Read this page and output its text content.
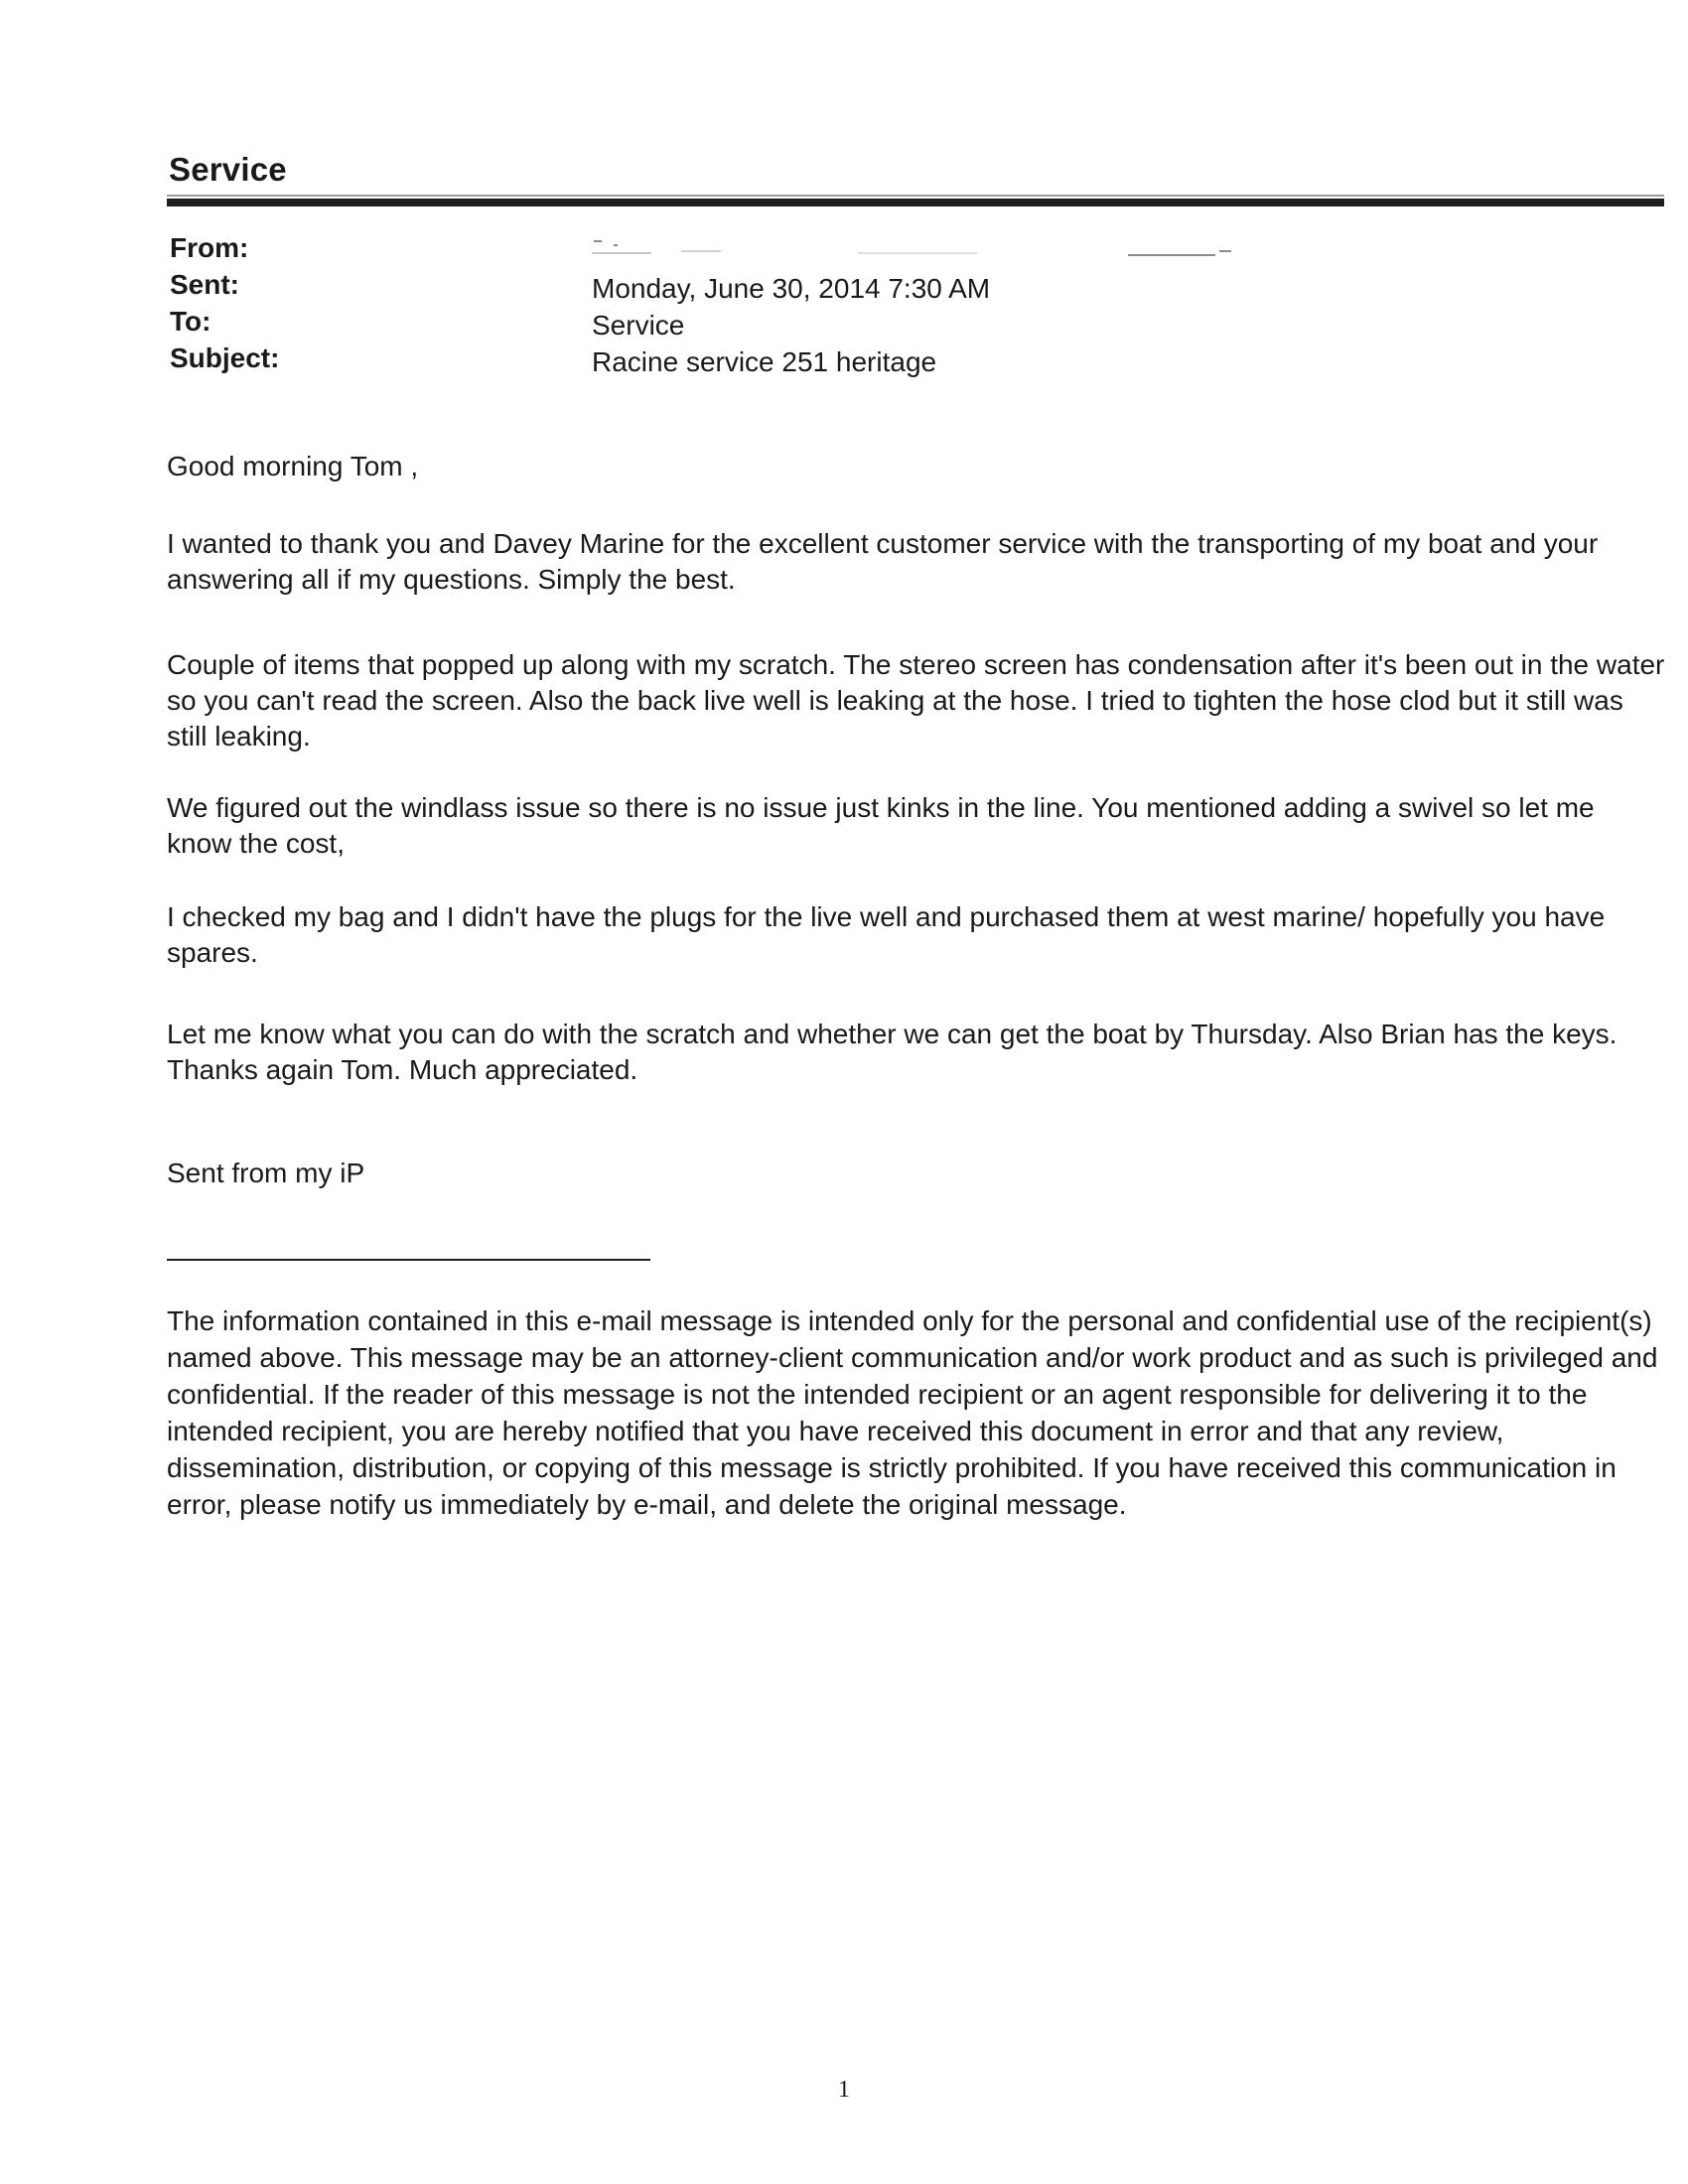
Service
From:
Sent:	Monday, June 30, 2014 7:30 AM
To:	Service
Subject:	Racine service 251 heritage
Good morning Tom ,
I wanted to thank you and Davey Marine for the excellent customer service with the transporting of my boat and your answering all if my questions. Simply the best.
Couple of items that popped up along with my scratch. The stereo screen has condensation after it's been out in the water so you can't read the screen. Also the back live well is leaking at the hose. I tried to tighten the hose clod but it still was still leaking.
We figured out the windlass issue so there is no issue just kinks in the line. You mentioned adding a swivel so let me know the cost,
I checked my bag and I didn't have the plugs for the live well and purchased them at west marine/ hopefully you have spares.
Let me know what you can do with the scratch and whether we can get the boat by Thursday. Also Brian has the keys. Thanks again Tom. Much appreciated.
Sent from my iP
The information contained in this e-mail message is intended only for the personal and confidential use of the recipient(s) named above. This message may be an attorney-client communication and/or work product and as such is privileged and confidential. If the reader of this message is not the intended recipient or an agent responsible for delivering it to the intended recipient, you are hereby notified that you have received this document in error and that any review, dissemination, distribution, or copying of this message is strictly prohibited. If you have received this communication in error, please notify us immediately by e-mail, and delete the original message.
1
